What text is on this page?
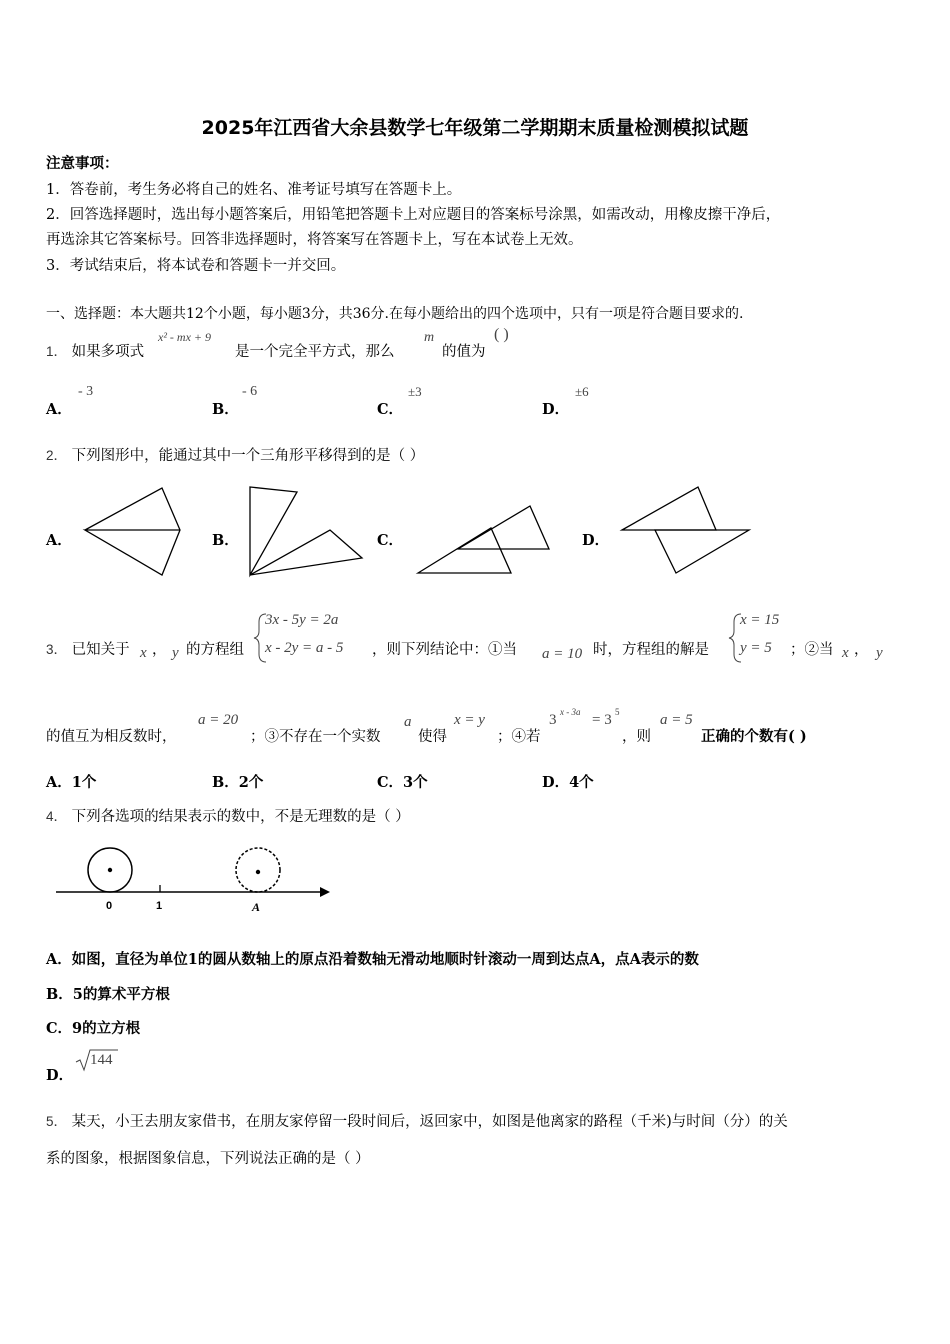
2025年江西省大余县数学七年级第二学期期末质量检测模拟试题
注意事项：
1．答卷前，考生务必将自己的姓名、准考证号填写在答题卡上。
2．回答选择题时，选出每小题答案后，用铅笔把答题卡上对应题目的答案标号涂黑，如需改动，用橡皮擦干净后，
再选涂其它答案标号。回答非选择题时，将答案写在答题卡上，写在本试卷上无效。
3．考试结束后，将本试卷和答题卡一并交回。
一、选择题：本大题共12个小题，每小题3分，共36分.在每小题给出的四个选项中，只有一项是符合题目要求的.
1． 如果多项式
x² - mx + 9
是一个完全平方式，那么
m
的值为
( )
A．
- 3
B．
- 6
C．
±3
D．
±6
2． 下列图形中，能通过其中一个三角形平移得到的是（ ）
A．	B．	C．	D．
3． 已知关于 x ， y 的方程组
3x - 5y = 2a
x - 2y = a - 5 ，则下列结论中：①当 a = 10 时，方程组的解是
x = 15
y = 5 ；②当 x ， y
的值互为相反数时，
a = 20
；③不存在一个实数
a
使得
x = y
；④若
3 x - 3a = 3 5
，则
a = 5
正确的个数有( )
A．1个	B．2个	C．3个	D．4个
4． 下列各选项的结果表示的数中，不是无理数的是（ ）
0	1	A
A．如图，直径为单位1的圆从数轴上的原点沿着数轴无滑动地顺时针滚动一周到达点A，点A表示的数
B．5的算术平方根
C．9的立方根
D．
144
5． 某天，小王去朋友家借书，在朋友家停留一段时间后，返回家中，如图是他离家的路程（千米)与时间（分）的关
系的图象，根据图象信息，下列说法正确的是（ ）
